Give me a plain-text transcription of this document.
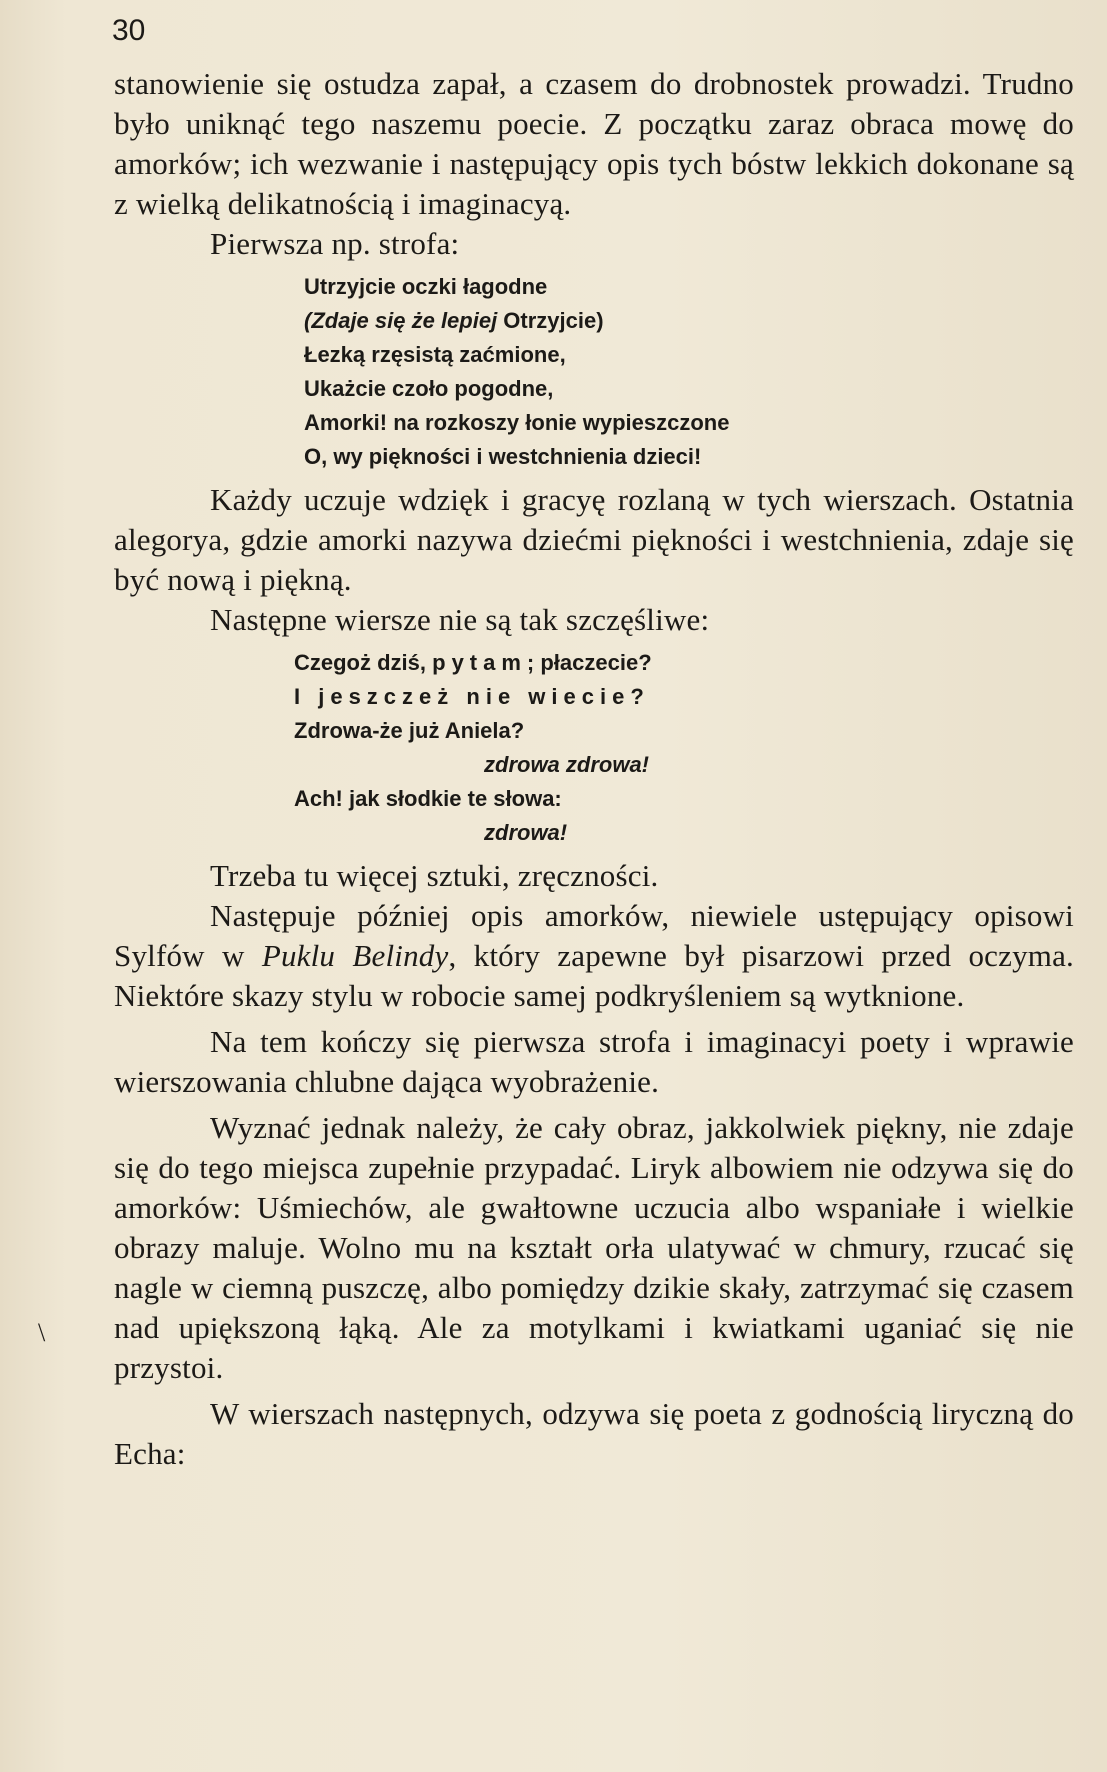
30
\

stanowienie się ostudza zapał, a czasem do drobnostek prowadzi. Trudno było uniknąć tego naszemu poecie. Z początku zaraz obraca mowę do amorków; ich wezwanie i następujący opis tych bóstw lekkich dokonane są z wielką delikatnością i imaginacyą.

Pierwsza np. strofa:

Utrzyjcie oczki łagodne
(Zdaje się że lepiej Otrzyjcie)
Łezką rzęsistą zaćmione,
Ukażcie czoło pogodne,
Amorki! na rozkoszy łonie wypieszczone
O, wy piękności i westchnienia dzieci!

Każdy uczuje wdzięk i gracyę rozlaną w tych wierszach. Ostatnia alegorya, gdzie amorki nazywa dziećmi piękności i westchnienia, zdaje się być nową i piękną.

Następne wiersze nie są tak szczęśliwe:

Czegoż dziś, pytam; płaczecie?
I jeszczeż nie wiecie?
Zdrowa-że już Aniela?
zdrowa zdrowa!
Ach! jak słodkie te słowa:
zdrowa!

Trzeba tu więcej sztuki, zręczności.

Następuje później opis amorków, niewiele ustępujący opisowi Sylfów w Puklu Belindy, który zapewne był pisarzowi przed oczyma. Niektóre skazy stylu w robocie samej podkryśleniem są wytknione.

Na tem kończy się pierwsza strofa i imaginacyi poety i wprawie wierszowania chlubne dająca wyobrażenie.

Wyznać jednak należy, że cały obraz, jakkolwiek piękny, nie zdaje się do tego miejsca zupełnie przypadać. Liryk albowiem nie odzywa się do amorków: Uśmiechów, ale gwałtowne uczucia albo wspaniałe i wielkie obrazy maluje. Wolno mu na kształt orła ulatywać w chmury, rzucać się nagle w ciemną puszczę, albo pomiędzy dzikie skały, zatrzymać się czasem nad upiększoną łąką. Ale za motylkami i kwiatkami uganiać się nie przystoi.

W wierszach następnych, odzywa się poeta z godnością liryczną do Echa:
